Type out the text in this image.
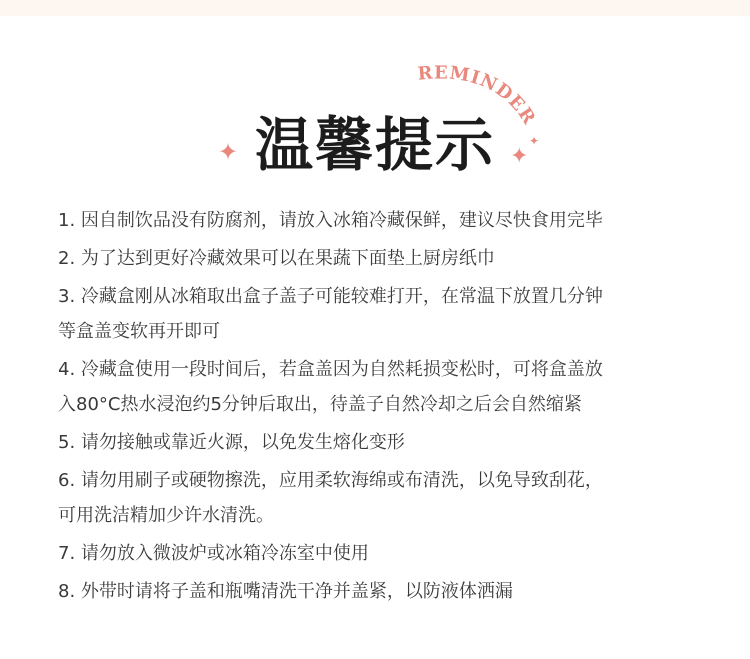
REMINDER
✦ 温馨提示 ✦
✦
1. 因自制饮品没有防腐剂，请放入冰箱冷藏保鲜，建议尽快食用完毕
2. 为了达到更好冷藏效果可以在果蔬下面垫上厨房纸巾
3. 冷藏盒刚从冰箱取出盒子盖子可能较难打开，在常温下放置几分钟
等盒盖变软再开即可
4. 冷藏盒使用一段时间后，若盒盖因为自然耗损变松时，可将盒盖放
入80°C热水浸泡约5分钟后取出，待盖子自然冷却之后会自然缩紧
5. 请勿接触或靠近火源，以免发生熔化变形
6. 请勿用刷子或硬物擦洗，应用柔软海绵或布清洗，以免导致刮花，
可用洗洁精加少许水清洗。
7. 请勿放入微波炉或冰箱冷冻室中使用
8. 外带时请将子盖和瓶嘴清洗干净并盖紧，以防液体洒漏
